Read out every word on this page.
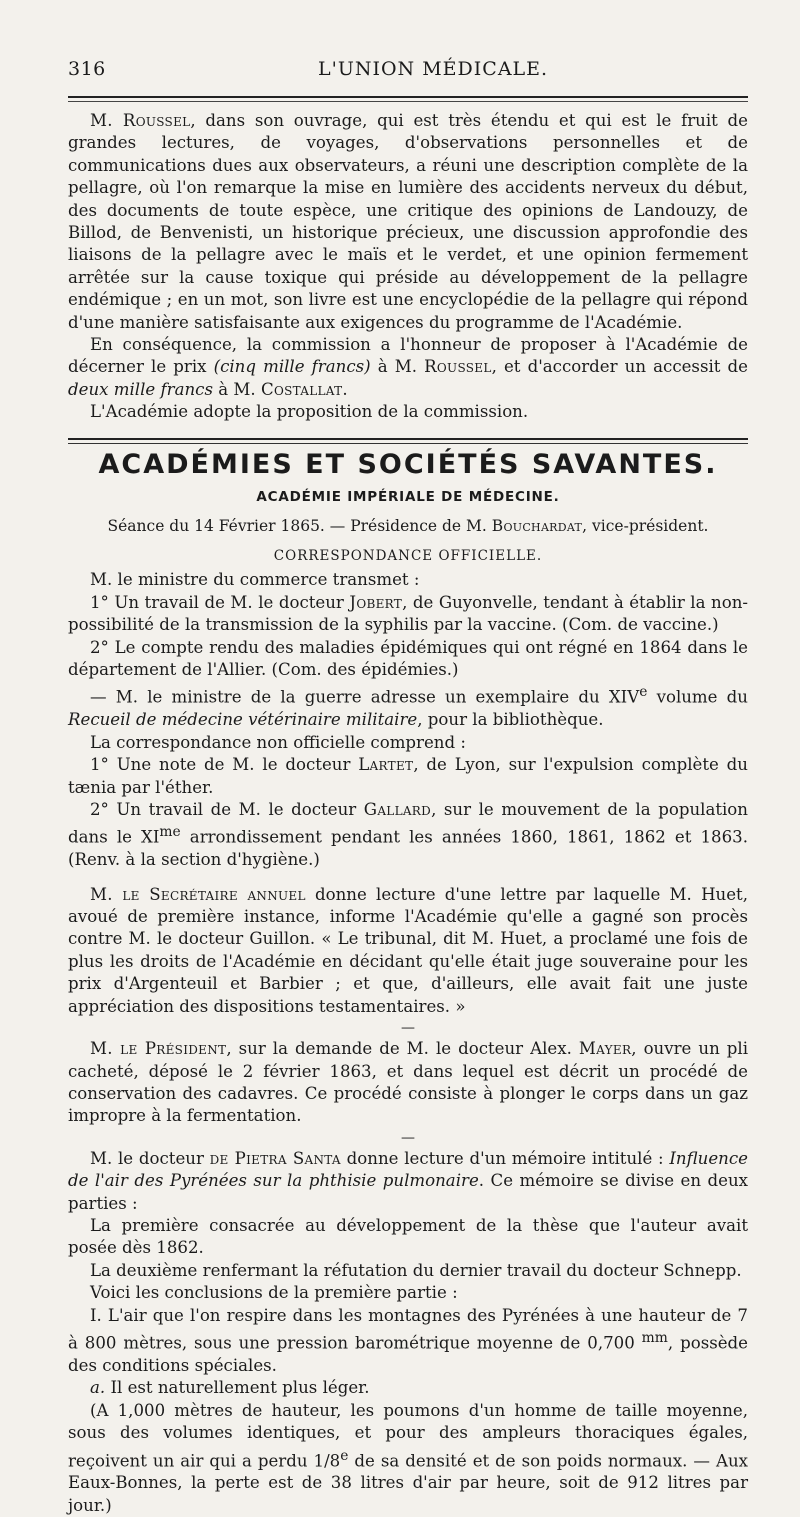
316	L'UNION MÉDICALE.

M. Roussel, dans son ouvrage, qui est très étendu et qui est le fruit de grandes lectures, de voyages, d'observations personnelles et de communications dues aux observateurs, a réuni une description complète de la pellagre, où l'on remarque la mise en lumière des accidents nerveux du début, des documents de toute espèce, une critique des opinions de Landouzy, de Billod, de Benvenisti, un historique précieux, une discussion approfondie des liaisons de la pellagre avec le maïs et le verdet, et une opinion fermement arrêtée sur la cause toxique qui préside au développement de la pellagre endémique ; en un mot, son livre est une encyclopédie de la pellagre qui répond d'une manière satisfaisante aux exigences du programme de l'Académie.

En conséquence, la commission a l'honneur de proposer à l'Académie de décerner le prix (cinq mille francs) à M. Roussel, et d'accorder un accessit de deux mille francs à M. Costallat.

L'Académie adopte la proposition de la commission.

ACADÉMIES ET SOCIÉTÉS SAVANTES.
ACADÉMIE IMPÉRIALE DE MÉDECINE.
Séance du 14 Février 1865. — Présidence de M. Bouchardat, vice-président.
CORRESPONDANCE OFFICIELLE.

M. le ministre du commerce transmet :

1° Un travail de M. le docteur Jobert, de Guyonvelle, tendant à établir la non-possibilité de la transmission de la syphilis par la vaccine. (Com. de vaccine.)

2° Le compte rendu des maladies épidémiques qui ont régné en 1864 dans le département de l'Allier. (Com. des épidémies.)

— M. le ministre de la guerre adresse un exemplaire du XIVe volume du Recueil de médecine vétérinaire militaire, pour la bibliothèque.

La correspondance non officielle comprend :

1° Une note de M. le docteur Lartet, de Lyon, sur l'expulsion complète du tænia par l'éther.

2° Un travail de M. le docteur Gallard, sur le mouvement de la population dans le $XI^{me}$ arrondissement pendant les années 1860, 1861, 1862 et 1863. (Renv. à la section d'hygiène.)

M. le Secrétaire annuel donne lecture d'une lettre par laquelle M. Huet, avoué de première instance, informe l'Académie qu'elle a gagné son procès contre M. le docteur Guillon. « Le tribunal, dit M. Huet, a proclamé une fois de plus les droits de l'Académie en décidant qu'elle était juge souveraine pour les prix d'Argenteuil et Barbier ; et que, d'ailleurs, elle avait fait une juste appréciation des dispositions testamentaires. »

—

M. le Président, sur la demande de M. le docteur Alex. Mayer, ouvre un pli cacheté, déposé le 2 février 1863, et dans lequel est décrit un procédé de conservation des cadavres. Ce procédé consiste à plonger le corps dans un gaz impropre à la fermentation.

—

M. le docteur de Pietra Santa donne lecture d'un mémoire intitulé : Influence de l'air des Pyrénées sur la phthisie pulmonaire. Ce mémoire se divise en deux parties :

La première consacrée au développement de la thèse que l'auteur avait posée dès 1862.

La deuxième renfermant la réfutation du dernier travail du docteur Schnepp.

Voici les conclusions de la première partie :

I. L'air que l'on respire dans les montagnes des Pyrénées à une hauteur de 7 à 800 mètres, sous une pression barométrique moyenne de 0,700 $^{mm}$, possède des conditions spéciales.

a. Il est naturellement plus léger.

(A 1,000 mètres de hauteur, les poumons d'un homme de taille moyenne, sous des volumes identiques, et pour des ampleurs thoraciques égales, reçoivent un air qui a perdu 1/8e de sa densité et de son poids normaux. — Aux Eaux-Bonnes, la perte est de 38 litres d'air par heure, soit de 912 litres par jour.)
